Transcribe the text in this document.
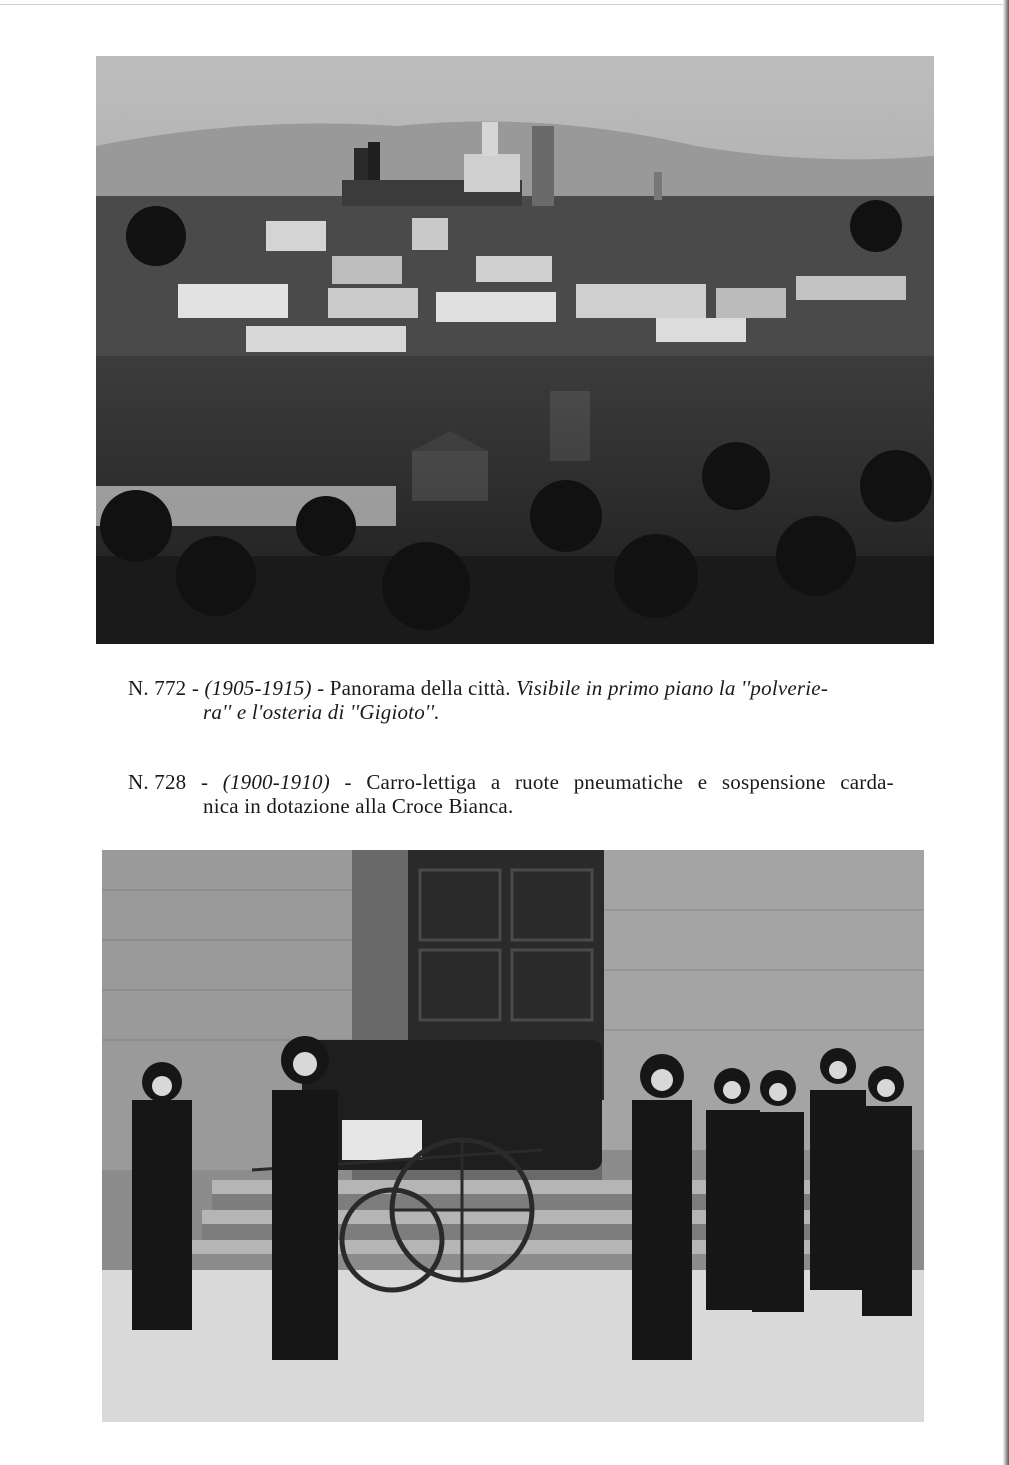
N. 772 - (1905-1915) - Panorama della città. Visibile in primo piano la ''polverie-
ra'' e l'osteria di ''Gigioto''.
N. 728 - (1900-1910) - Carro-lettiga a ruote pneumatiche e sospensione carda-
nica in dotazione alla Croce Bianca.
